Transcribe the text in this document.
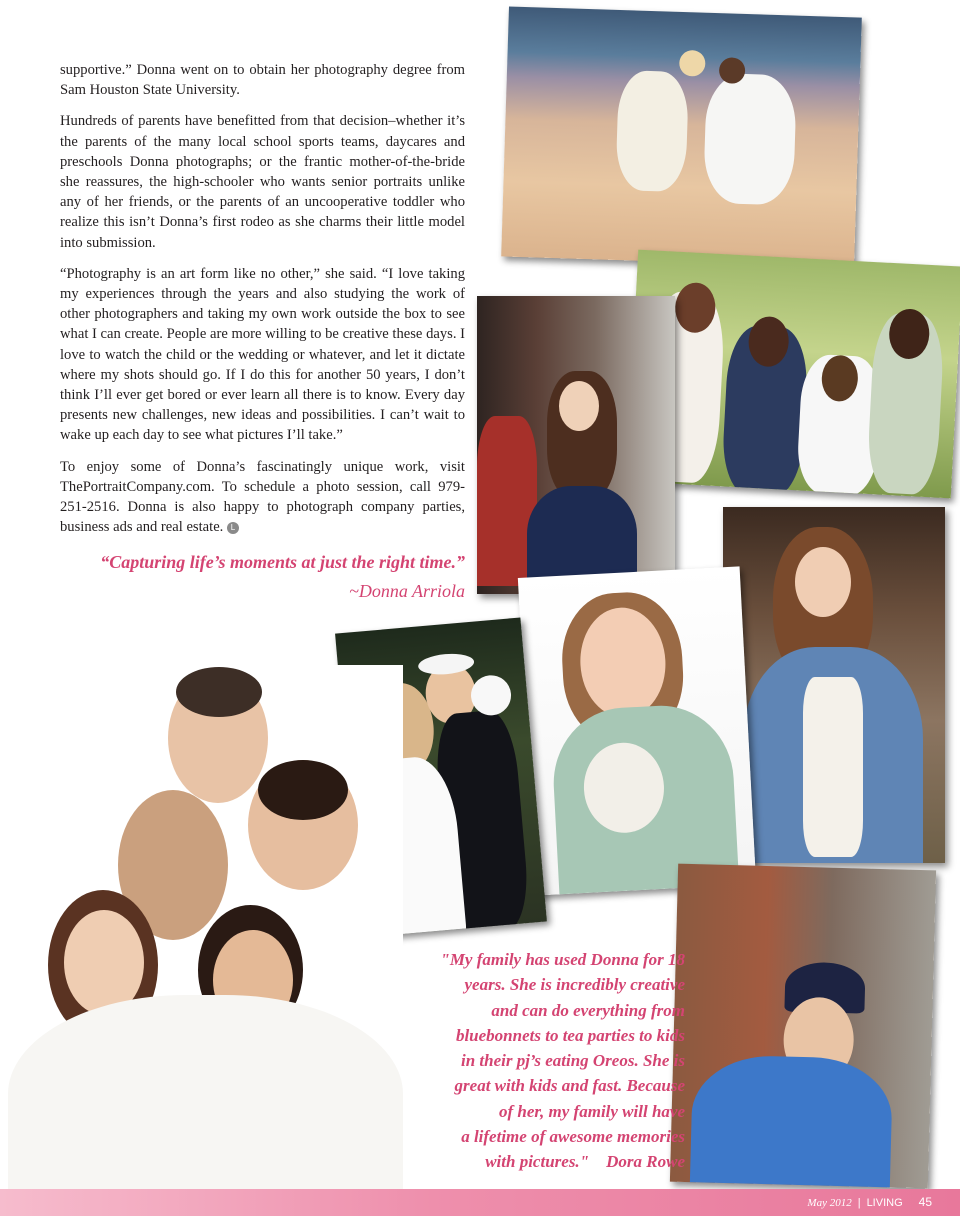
supportive.” Donna went on to obtain her photography degree from Sam Houston State University.

Hundreds of parents have benefitted from that decision–whether it’s the parents of the many local school sports teams, daycares and preschools Donna photographs; or the frantic mother-of-the-bride she reassures, the high-schooler who wants senior portraits unlike any of her friends, or the parents of an uncooperative toddler who realize this isn’t Donna’s first rodeo as she charms their little model into submission.

“Photography is an art form like no other,” she said. “I love taking my experiences through the years and also studying the work of other photographers and taking my own work outside the box to see what I can create. People are more willing to be creative these days. I love to watch the child or the wedding or whatever, and let it dictate where my shots should go. If I do this for another 50 years, I don’t think I’ll ever get bored or ever learn all there is to know. Every day presents new challenges, new ideas and possibilities. I can’t wait to wake up each day to see what pictures I’ll take.”

To enjoy some of Donna’s fascinatingly unique work, visit ThePortraitCompany.com. To schedule a photo session, call 979-251-2516. Donna is also happy to photograph company parties, business ads and real estate. L

“Capturing life’s moments at just the right time.”
~Donna Arriola
"My family has used Donna for 18
years. She is incredibly creative
and can do everything from
bluebonnets to tea parties to kids
in their pj’s eating Oreos. She is
great with kids and fast. Because
of her, my family will have
a lifetime of awesome memories
with pictures."    Dora Rowe
May 2012 | LIVING 45
